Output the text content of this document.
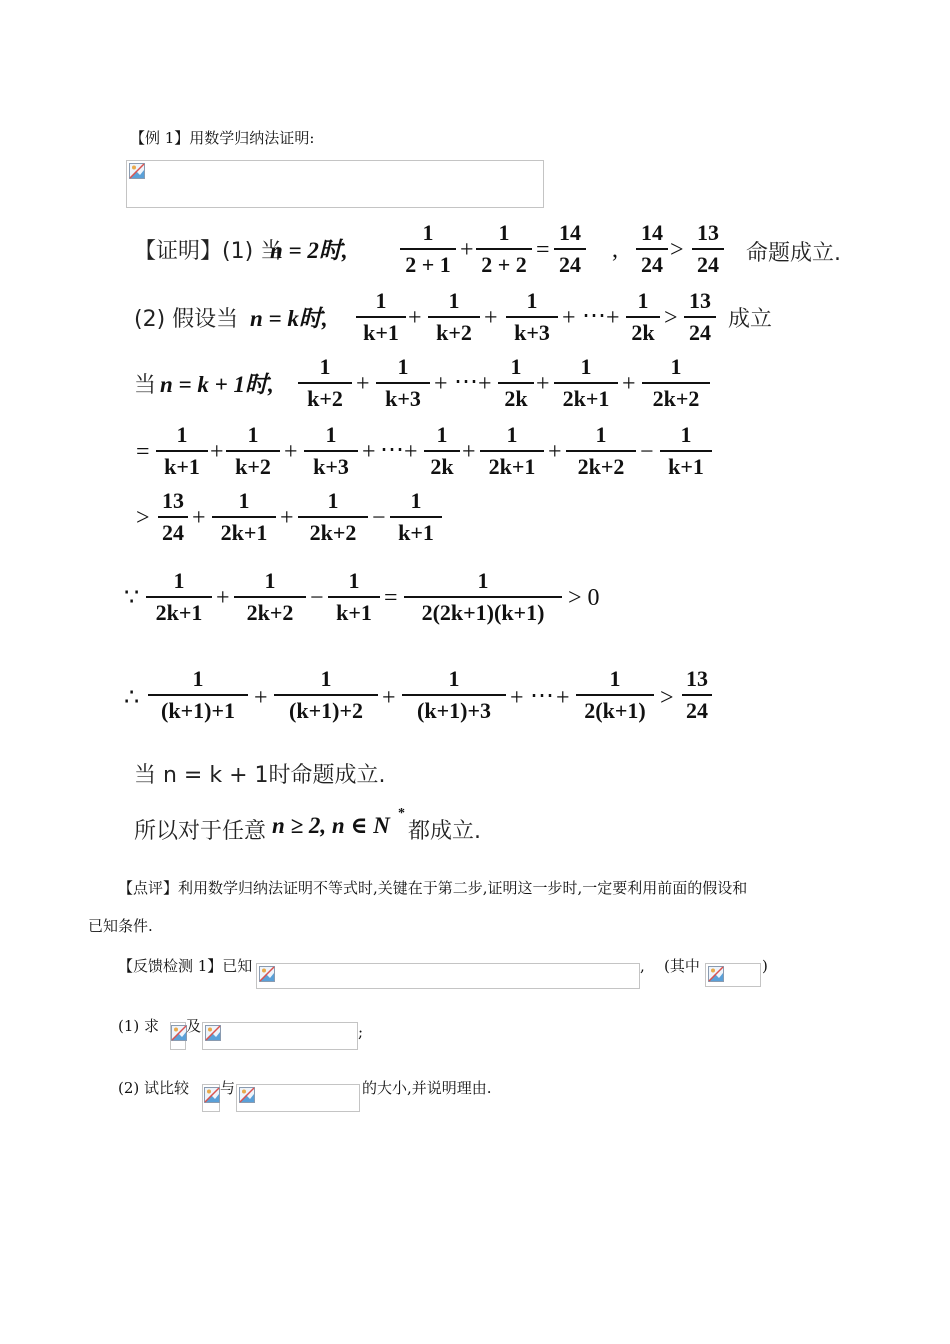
【例 1】用数学归纳法证明:
【证明】(1) 当
n = 2时,
1
2 + 1
+
1
2 + 2
=
14
24
,
14
24
>
13
24 命题成立.
(2) 假设当 n = k时,
1
k+1
+
1
k+2
+
1
k+3
+ ⋯ +
1
2k
>
13
24 成立
当 n = k + 1时,
1
k+2
+
1
k+3
+ ⋯ +
1
2k
+
1
2k+1
+
1
2k+2
=
1
k+1
+
1
k+2
+
1
k+3
+ ⋯ +
1
2k
+
1
2k+1
+
1
2k+2
−
1
k+1
>
13
24
+
1
2k+1
+
1
2k+2
−
1
k+1
∵
1
2k+1
+
1
2k+2
−
1
k+1
=
1
2(2k+1)(k+1)
> 0
∴
1
(k+1)+1 +
1
(k+1)+2 +
1
(k+1)+3 + ⋯ +
1
2(k+1) >
13
24
当 n = k + 1时命题成立.
所以对于任意 n ≥ 2, n ∈ N *
都成立.
【点评】利用数学归纳法证明不等式时,关键在于第二步,证明这一步时,一定要利用前面的假设和
已知条件.
【反馈检测 1】已知	, (其中	)
(1) 求 及	;
(2) 试比较 与	的大小,并说明理由.
